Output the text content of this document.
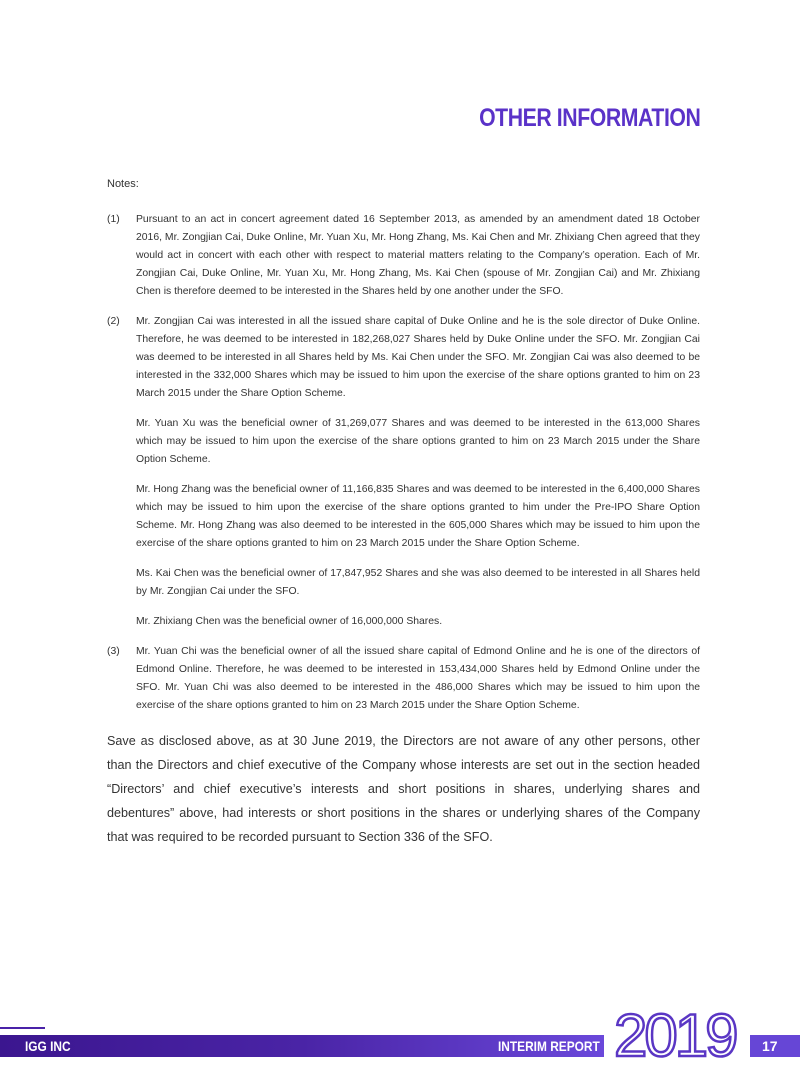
OTHER INFORMATION
Notes:
(1)	Pursuant to an act in concert agreement dated 16 September 2013, as amended by an amendment dated 18 October 2016, Mr. Zongjian Cai, Duke Online, Mr. Yuan Xu, Mr. Hong Zhang, Ms. Kai Chen and Mr. Zhixiang Chen agreed that they would act in concert with each other with respect to material matters relating to the Company’s operation. Each of Mr. Zongjian Cai, Duke Online, Mr. Yuan Xu, Mr. Hong Zhang, Ms. Kai Chen (spouse of Mr. Zongjian Cai) and Mr. Zhixiang Chen is therefore deemed to be interested in the Shares held by one another under the SFO.

(2)	Mr. Zongjian Cai was interested in all the issued share capital of Duke Online and he is the sole director of Duke Online. Therefore, he was deemed to be interested in 182,268,027 Shares held by Duke Online under the SFO. Mr. Zongjian Cai was deemed to be interested in all Shares held by Ms. Kai Chen under the SFO. Mr. Zongjian Cai was also deemed to be interested in the 332,000 Shares which may be issued to him upon the exercise of the share options granted to him on 23 March 2015 under the Share Option Scheme.

Mr. Yuan Xu was the beneficial owner of 31,269,077 Shares and was deemed to be interested in the 613,000 Shares which may be issued to him upon the exercise of the share options granted to him on 23 March 2015 under the Share Option Scheme.

Mr. Hong Zhang was the beneficial owner of 11,166,835 Shares and was deemed to be interested in the 6,400,000 Shares which may be issued to him upon the exercise of the share options granted to him under the Pre-IPO Share Option Scheme. Mr. Hong Zhang was also deemed to be interested in the 605,000 Shares which may be issued to him upon the exercise of the share options granted to him on 23 March 2015 under the Share Option Scheme.

Ms. Kai Chen was the beneficial owner of 17,847,952 Shares and she was also deemed to be interested in all Shares held by Mr. Zongjian Cai under the SFO.

Mr. Zhixiang Chen was the beneficial owner of 16,000,000 Shares.

(3)	Mr. Yuan Chi was the beneficial owner of all the issued share capital of Edmond Online and he is one of the directors of Edmond Online. Therefore, he was deemed to be interested in 153,434,000 Shares held by Edmond Online under the SFO. Mr. Yuan Chi was also deemed to be interested in the 486,000 Shares which may be issued to him upon the exercise of the share options granted to him on 23 March 2015 under the Share Option Scheme.

Save as disclosed above, as at 30 June 2019, the Directors are not aware of any other persons, other than the Directors and chief executive of the Company whose interests are set out in the section headed “Directors’ and chief executive’s interests and short positions in shares, underlying shares and debentures” above, had interests or short positions in the shares or underlying shares of the Company that was required to be recorded pursuant to Section 336 of the SFO.
IGG INC	INTERIM REPORT 2019 17
